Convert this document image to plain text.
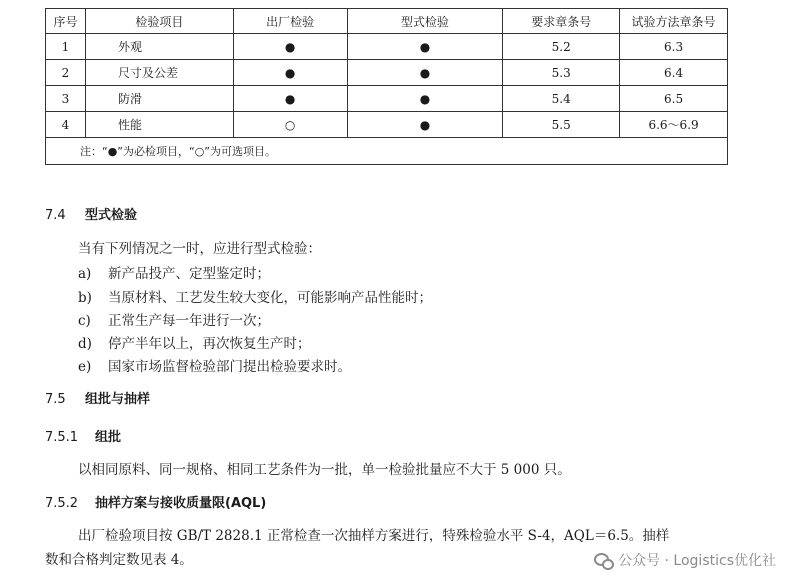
序号	检验项目	出厂检验	型式检验	要求章条号	试验方法章条号
1	外观	●	●	5.2	6.3
2	尺寸及公差	●	●	5.3	6.4
3	防滑	●	●	5.4	6.5
4	性能	○	●	5.5	6.6～6.9
注：“●”为必检项目，“○”为可选项目。					
7.4 型式检验
当有下列情况之一时，应进行型式检验：
a) 新产品投产、定型鉴定时；
b) 当原材料、工艺发生较大变化，可能影响产品性能时；
c) 正常生产每一年进行一次；
d) 停产半年以上，再次恢复生产时；
e) 国家市场监督检验部门提出检验要求时。
7.5 组批与抽样
7.5.1 组批
以相同原料、同一规格、相同工艺条件为一批，单一检验批量应不大于 5 000 只。
7.5.2 抽样方案与接收质量限(AQL)
出厂检验项目按 GB/T 2828.1 正常检查一次抽样方案进行，特殊检验水平 S-4，AQL＝6.5。抽样
数和合格判定数见表 4。	公众号 · Logistics优化社
